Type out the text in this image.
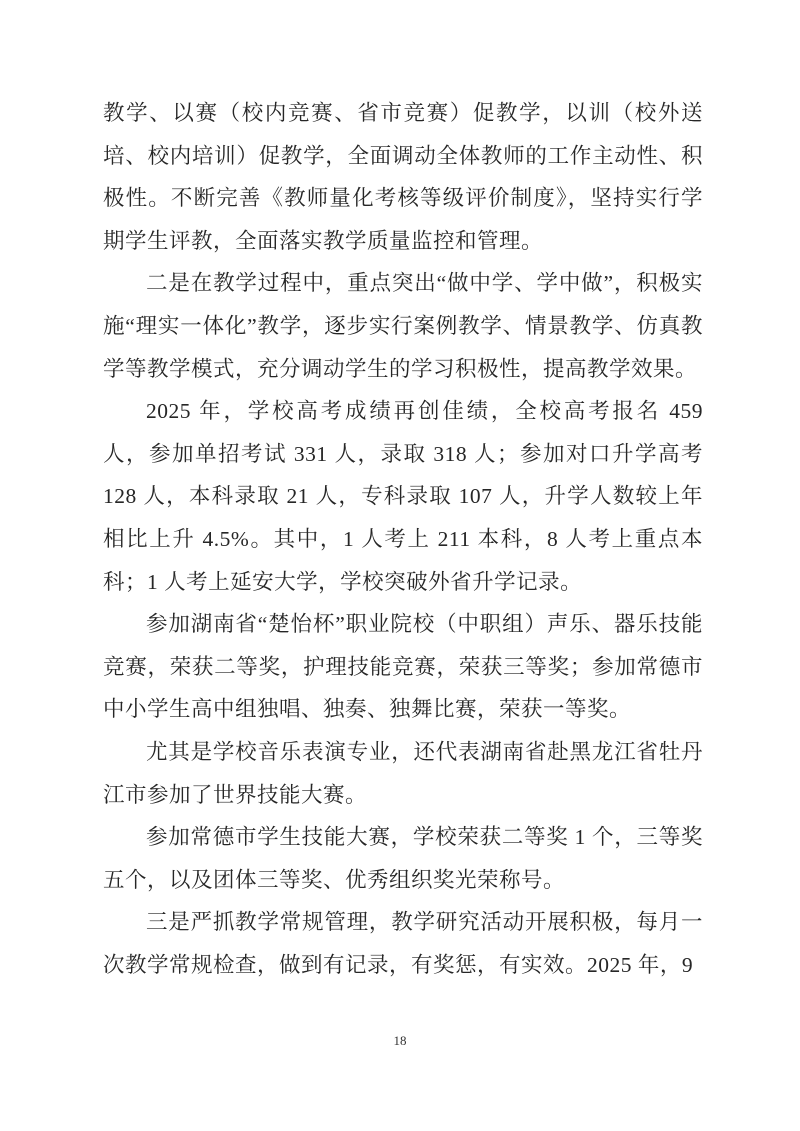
教学、以赛（校内竞赛、省市竞赛）促教学，以训（校外送培、校内培训）促教学，全面调动全体教师的工作主动性、积极性。不断完善《教师量化考核等级评价制度》，坚持实行学期学生评教，全面落实教学质量监控和管理。

二是在教学过程中，重点突出“做中学、学中做”，积极实施“理实一体化”教学，逐步实行案例教学、情景教学、仿真教学等教学模式，充分调动学生的学习积极性，提高教学效果。

2025 年，学校高考成绩再创佳绩，全校高考报名 459 人，参加单招考试 331 人，录取 318 人；参加对口升学高考 128 人，本科录取 21 人，专科录取 107 人，升学人数较上年相比上升 4.5%。其中，1 人考上 211 本科，8 人考上重点本科；1 人考上延安大学，学校突破外省升学记录。

参加湖南省“楚怡杯”职业院校（中职组）声乐、器乐技能竞赛，荣获二等奖，护理技能竞赛，荣获三等奖；参加常德市中小学生高中组独唱、独奏、独舞比赛，荣获一等奖。

尤其是学校音乐表演专业，还代表湖南省赴黑龙江省牡丹江市参加了世界技能大赛。

参加常德市学生技能大赛，学校荣获二等奖 1 个，三等奖五个，以及团体三等奖、优秀组织奖光荣称号。

三是严抓教学常规管理，教学研究活动开展积极，每月一次教学常规检查，做到有记录，有奖惩，有实效。2025 年，9

18
